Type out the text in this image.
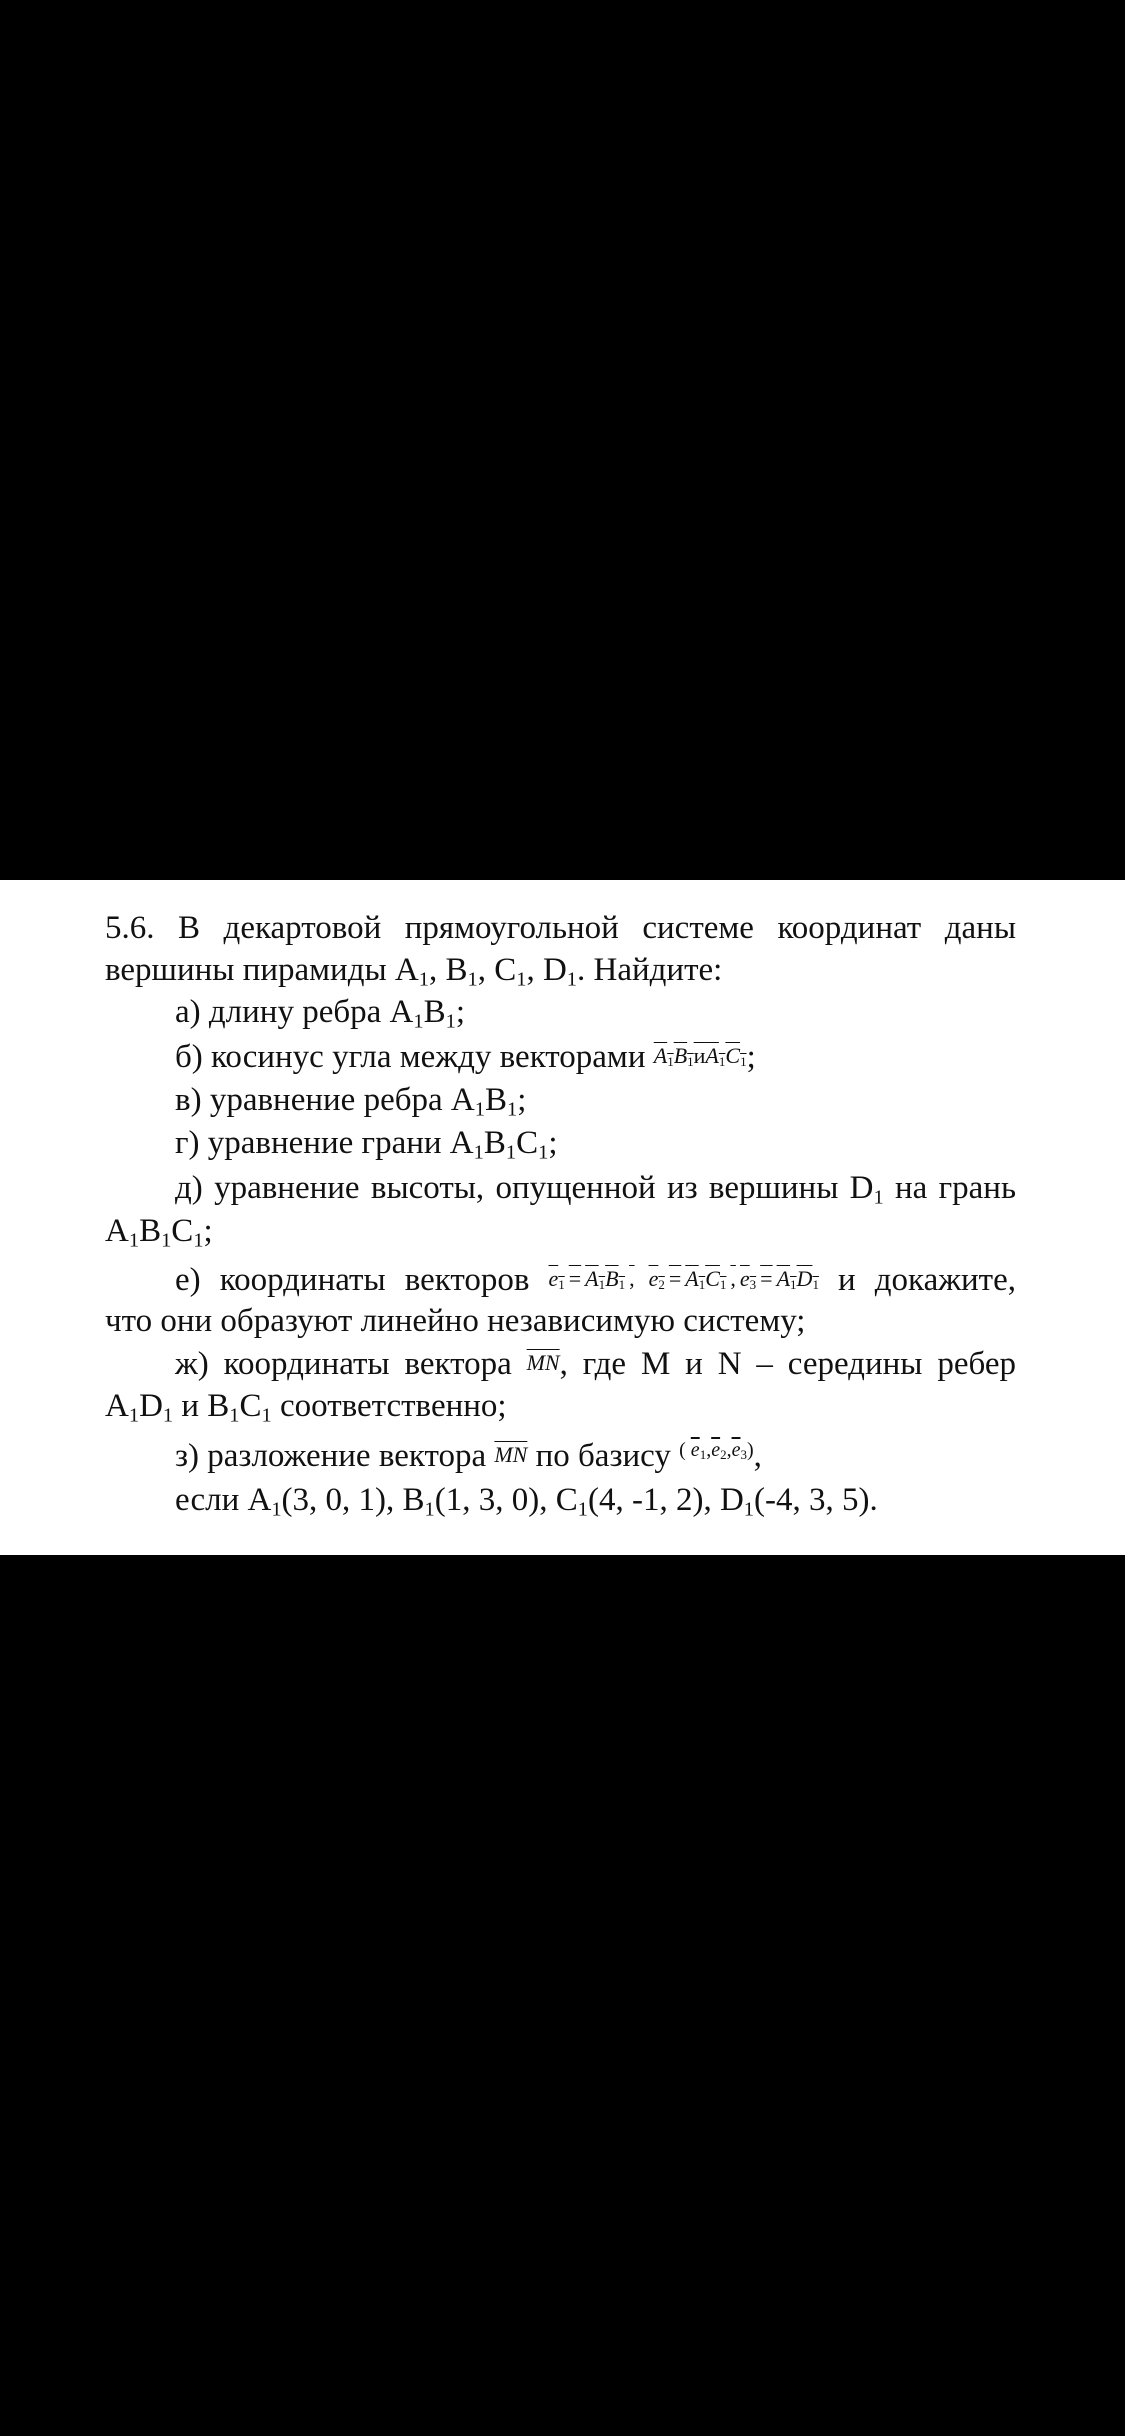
5.6. В декартовой прямоугольной системе координат даны
вершины пирамиды $A_1$, $B_1$, $C_1$, $D_1$. Найдите:
а) длину ребра $A_1B_1$;
б) косинус угла между векторами A1B1иA1C1;
в) уравнение ребра $A_1B_1$;
г) уравнение грани $A_1B_1C_1$;
д) уравнение высоты, опущенной из вершины $D_1$ на грань
$A_1B_1C_1$;
е) координаты векторов e1 = A1B1 , e2 = A1C1 , e3 = A1D1 и докажите,
что они образуют линейно независимую систему;
ж) координаты вектора $\overline{MN}$, где M и N – середины ребер
$A_1D_1$ и $B_1C_1$ соответственно;
з) разложение вектора $\overline{MN}$ по базису ( $\overline{e}1,\overline{e}2,\overline{e}3$),
если $A_1(3$, 0, 1), $B_1(1$, 3, 0), $C_1(4$, -1, 2), $D_1(-4$, 3, 5).
